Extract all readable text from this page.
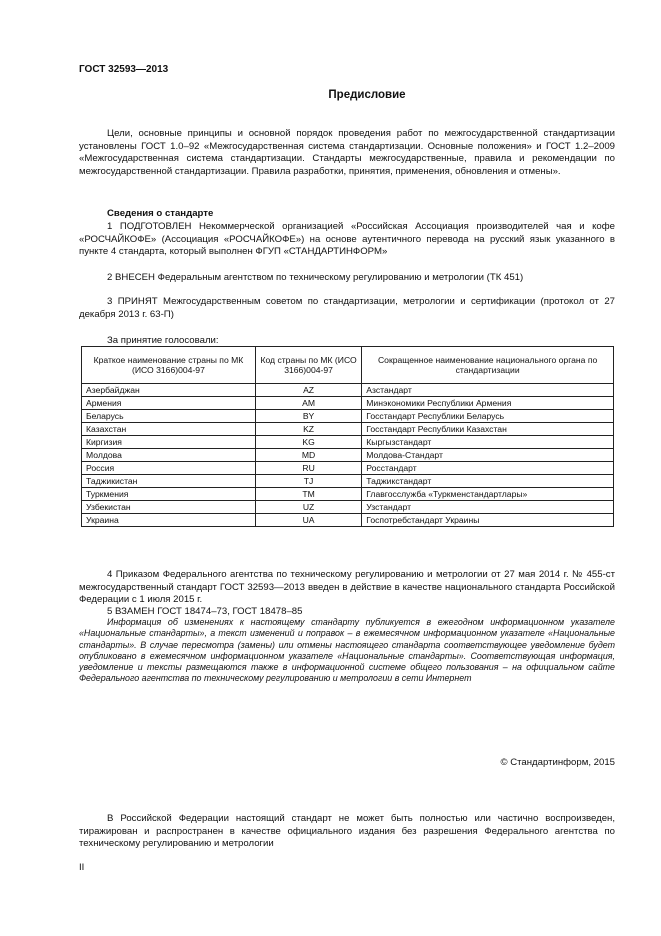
ГОСТ 32593—2013
Предисловие

Цели, основные принципы и основной порядок проведения работ по межгосударственной стандартизации установлены ГОСТ 1.0–92 «Межгосударственная система стандартизации. Основные положения» и ГОСТ 1.2–2009 «Межгосударственная система стандартизации. Стандарты межгосударственные, правила и рекомендации по межгосударственной стандартизации. Правила разработки, принятия, применения, обновления и отмены».

Сведения о стандарте

1 ПОДГОТОВЛЕН Некоммерческой организацией «Российская Ассоциация производителей чая и кофе «РОСЧАЙКОФЕ» (Ассоциация «РОСЧАЙКОФЕ») на основе аутентичного перевода на русский язык указанного в пункте 4 стандарта, который выполнен ФГУП «СТАНДАРТИНФОРМ»

2 ВНЕСЕН Федеральным агентством по техническому регулированию и метрологии (ТК 451)

3 ПРИНЯТ Межгосударственным советом по стандартизации, метрологии и сертификации (протокол от 27 декабря 2013 г. 63-П)

За принятие голосовали:
Краткое наименование страны по МК (ИСО 3166)004-97	Код страны по МК (ИСО 3166)004-97	Сокращенное наименование национального органа по стандартизации
Азербайджан	AZ	Азстандарт
Армения	AM	Минэкономики Республики Армения
Беларусь	BY	Госстандарт Республики Беларусь
Казахстан	KZ	Госстандарт Республики Казахстан
Киргизия	KG	Кыргызстандарт
Молдова	MD	Молдова-Стандарт
Россия	RU	Росстандарт
Таджикистан	TJ	Таджикстандарт
Туркмения	TM	Главгосслужба «Туркменстандартлары»
Узбекистан	UZ	Узстандарт
Украина	UA	Госпотребстандарт Украины

4 Приказом Федерального агентства по техническому регулированию и метрологии от 27 мая 2014 г. № 455-ст межгосударственный стандарт ГОСТ 32593—2013 введен в действие в качестве национального стандарта Российской Федерации с 1 июля 2015 г.

5 ВЗАМЕН ГОСТ 18474–73, ГОСТ 18478–85

Информация об изменениях к настоящему стандарту публикуется в ежегодном информационном указателе «Национальные стандарты», а текст изменений и поправок – в ежемесячном информационном указателе «Национальные стандарты». В случае пересмотра (замены) или отмены настоящего стандарта соответствующее уведомление будет опубликовано в ежемесячном информационном указателе «Национальные стандарты». Соответствующая информация, уведомление и тексты размещаются также в информационной системе общего пользования – на официальном сайте Федерального агентства по техническому регулированию и метрологии в сети Интернет

© Стандартинформ, 2015

В Российской Федерации настоящий стандарт не может быть полностью или частично воспроизведен, тиражирован и распространен в качестве официального издания без разрешения Федерального агентства по техническому регулированию и метрологии

II
